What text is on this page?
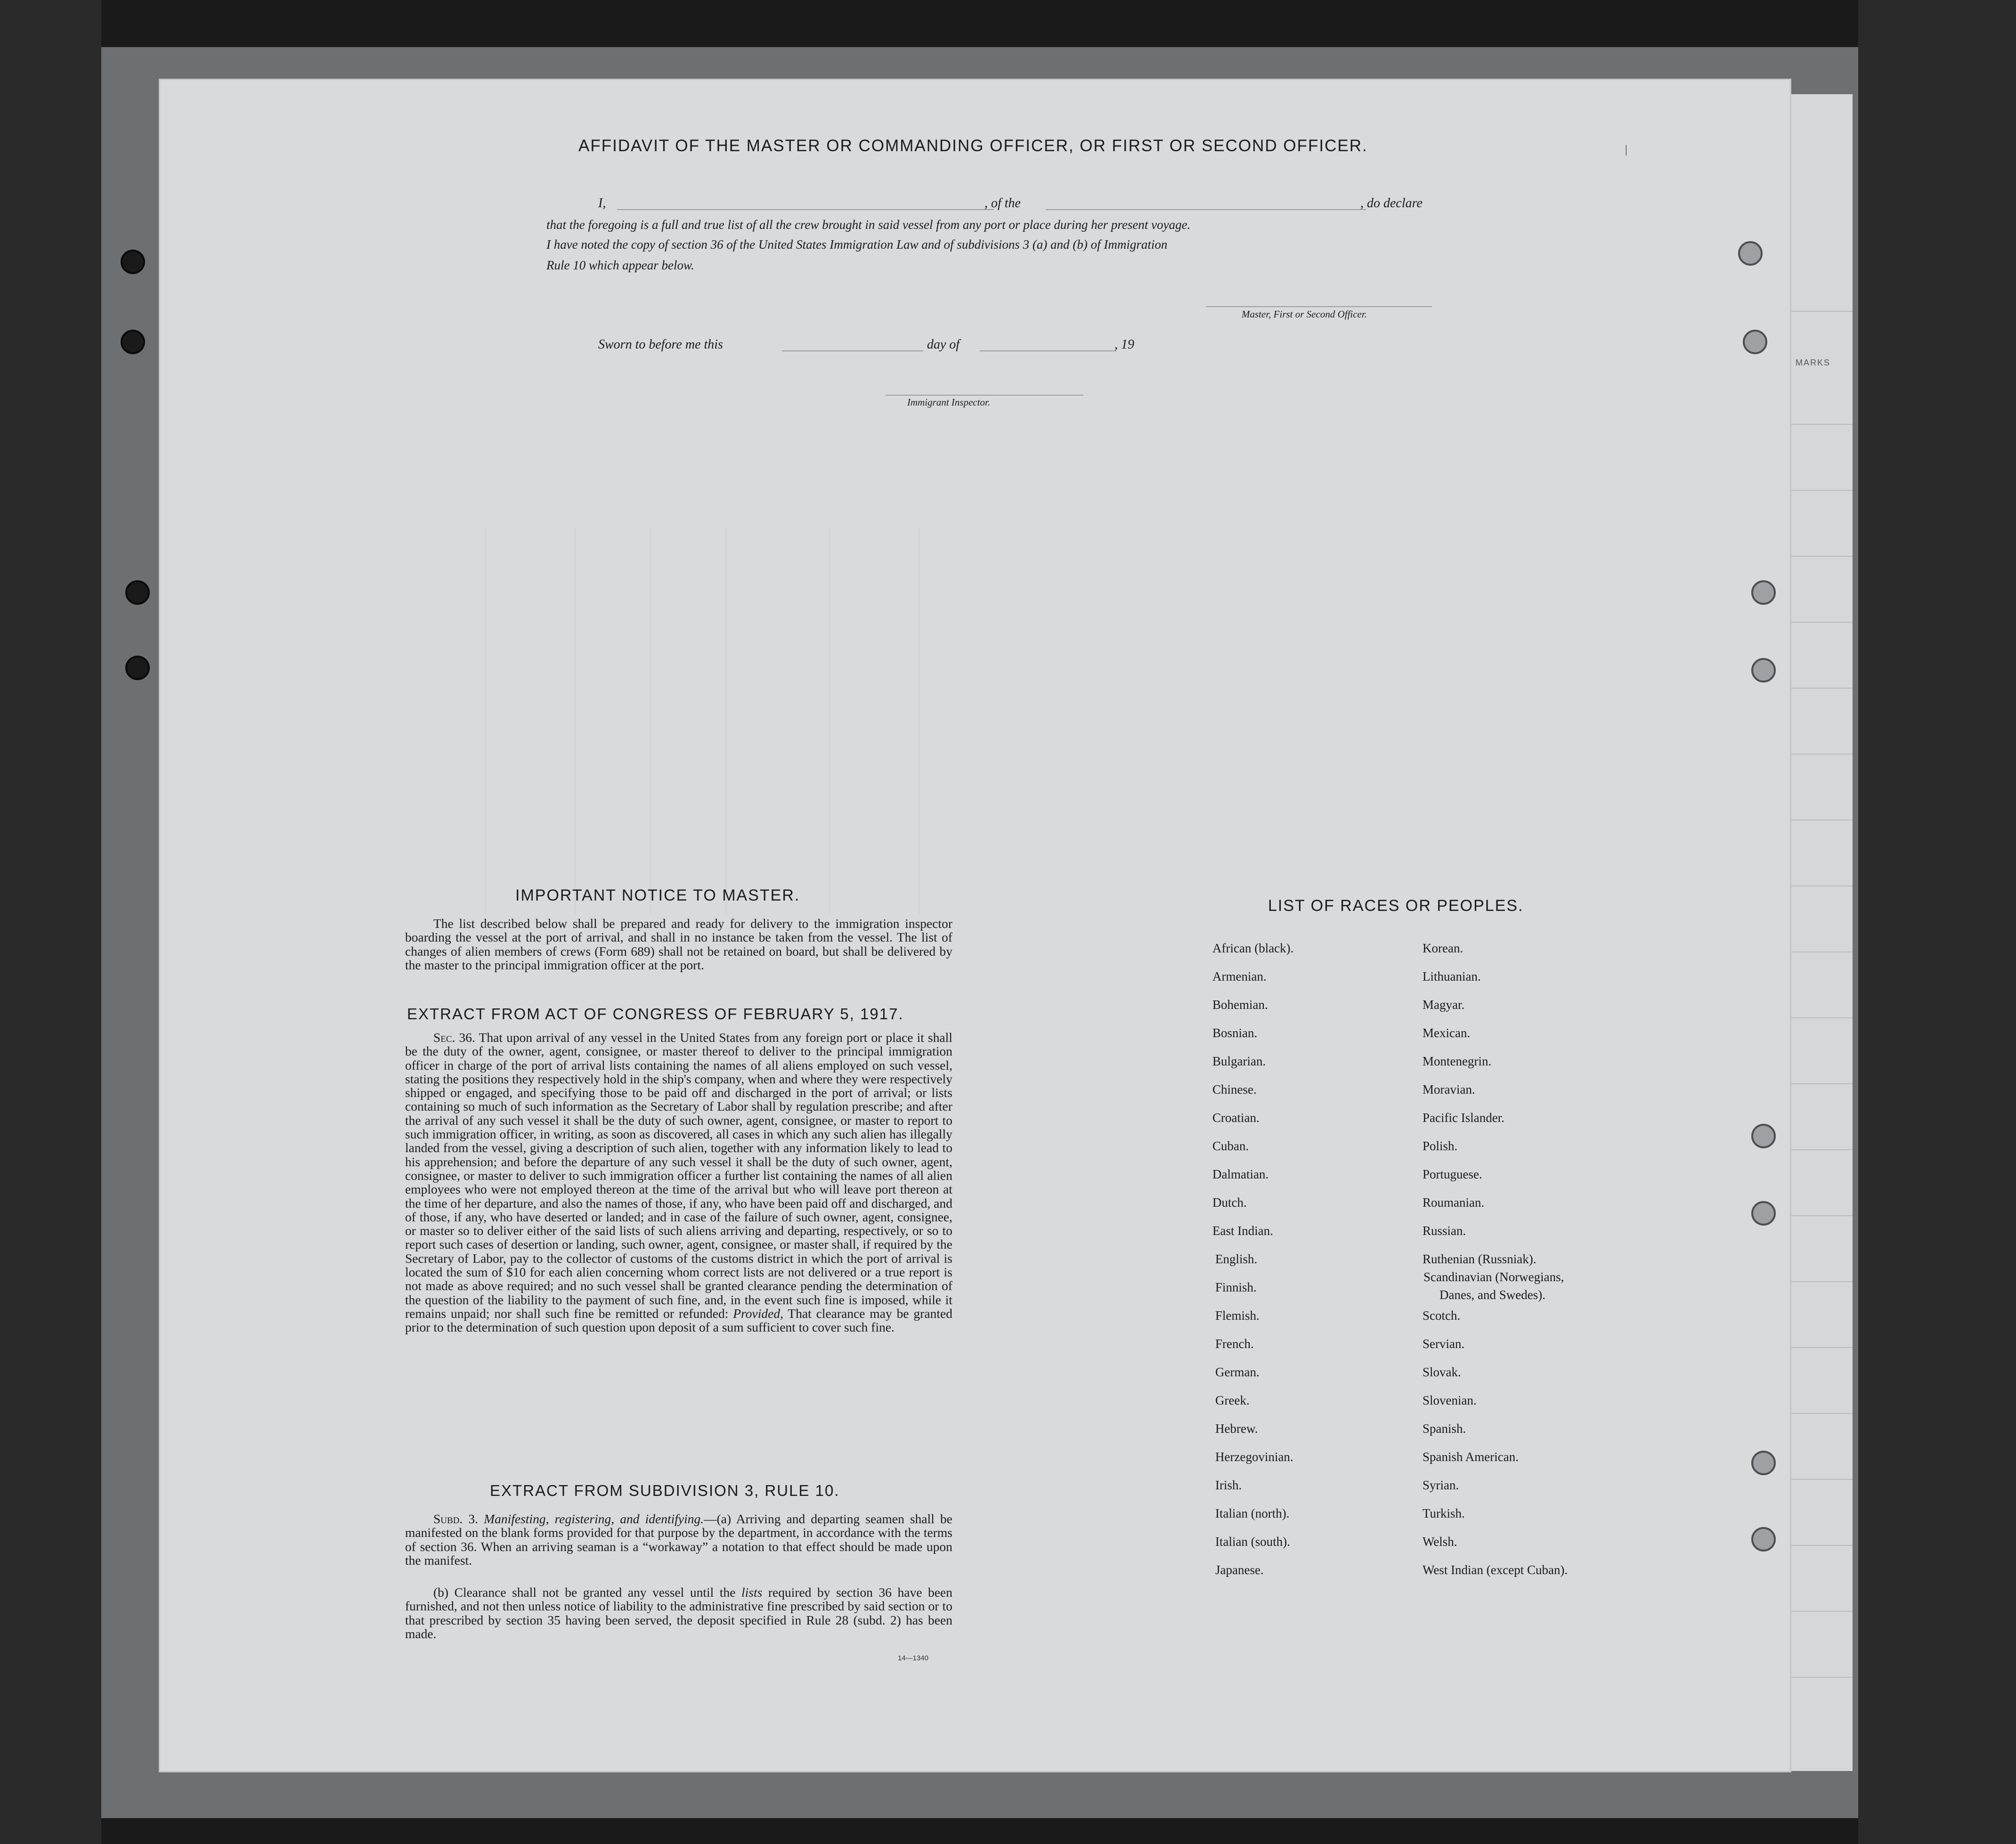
MARKS
|
AFFIDAVIT OF THE MASTER OR COMMANDING OFFICER, OR FIRST OR SECOND OFFICER.
I,	, of the	, do declare
that the foregoing is a full and true list of all the crew brought in said vessel from any port or place during her present voyage.
I have noted the copy of section 36 of the United States Immigration Law and of subdivisions 3 (a) and (b) of Immigration
Rule 10 which appear below.
Master, First or Second Officer.
Sworn to before me this	day of	, 19
Immigrant Inspector.
IMPORTANT NOTICE TO MASTER.
The list described below shall be prepared and ready for delivery to the immigration inspector boarding the vessel at the port of arrival, and shall in no instance be taken from the vessel. The list of changes of alien members of crews (Form 689) shall not be retained on board, but shall be delivered by the master to the principal immigration officer at the port.
EXTRACT FROM ACT OF CONGRESS OF FEBRUARY 5, 1917.
Sec. 36. That upon arrival of any vessel in the United States from any foreign port or place it shall be the duty of the owner, agent, consignee, or master thereof to deliver to the principal immigration officer in charge of the port of arrival lists containing the names of all aliens employed on such vessel, stating the positions they respectively hold in the ship's company, when and where they were respectively shipped or engaged, and specifying those to be paid off and discharged in the port of arrival; or lists containing so much of such information as the Secretary of Labor shall by regulation prescribe; and after the arrival of any such vessel it shall be the duty of such owner, agent, consignee, or master to report to such immigration officer, in writing, as soon as discovered, all cases in which any such alien has illegally landed from the vessel, giving a description of such alien, together with any information likely to lead to his apprehension; and before the departure of any such vessel it shall be the duty of such owner, agent, consignee, or master to deliver to such immigration officer a further list containing the names of all alien employees who were not employed thereon at the time of the arrival but who will leave port thereon at the time of her departure, and also the names of those, if any, who have been paid off and discharged, and of those, if any, who have deserted or landed; and in case of the failure of such owner, agent, consignee, or master so to deliver either of the said lists of such aliens arriving and departing, respectively, or so to report such cases of desertion or landing, such owner, agent, consignee, or master shall, if required by the Secretary of Labor, pay to the collector of customs of the customs district in which the port of arrival is located the sum of $10 for each alien concerning whom correct lists are not delivered or a true report is not made as above required; and no such vessel shall be granted clearance pending the determination of the question of the liability to the payment of such fine, and, in the event such fine is imposed, while it remains unpaid; nor shall such fine be remitted or refunded: Provided, That clearance may be granted prior to the determination of such question upon deposit of a sum sufficient to cover such fine.
EXTRACT FROM SUBDIVISION 3, RULE 10.
Subd. 3. Manifesting, registering, and identifying.—(a) Arriving and departing seamen shall be manifested on the blank forms provided for that purpose by the department, in accordance with the terms of section 36. When an arriving seaman is a “workaway” a notation to that effect should be made upon the manifest.
(b) Clearance shall not be granted any vessel until the lists required by section 36 have been furnished, and not then unless notice of liability to the administrative fine prescribed by said section or to that prescribed by section 35 having been served, the deposit specified in Rule 28 (subd. 2) has been made.
14—1340
LIST OF RACES OR PEOPLES.
African (black).
Armenian.
Bohemian.
Bosnian.
Bulgarian.
Chinese.
Croatian.
Cuban.
Dalmatian.
Dutch.
East Indian.
English.
Finnish.
Flemish.
French.
German.
Greek.
Hebrew.
Herzegovinian.
Irish.
Italian (north).
Italian (south).
Japanese.
Korean.
Lithuanian.
Magyar.
Mexican.
Montenegrin.
Moravian.
Pacific Islander.
Polish.
Portuguese.
Roumanian.
Russian.
Ruthenian (Russniak).
Scandinavian (Norwegians,
Scotch.
Servian.
Slovak.
Slovenian.
Spanish.
Spanish American.
Syrian.
Turkish.
Welsh.
West Indian (except Cuban).
Danes, and Swedes).
